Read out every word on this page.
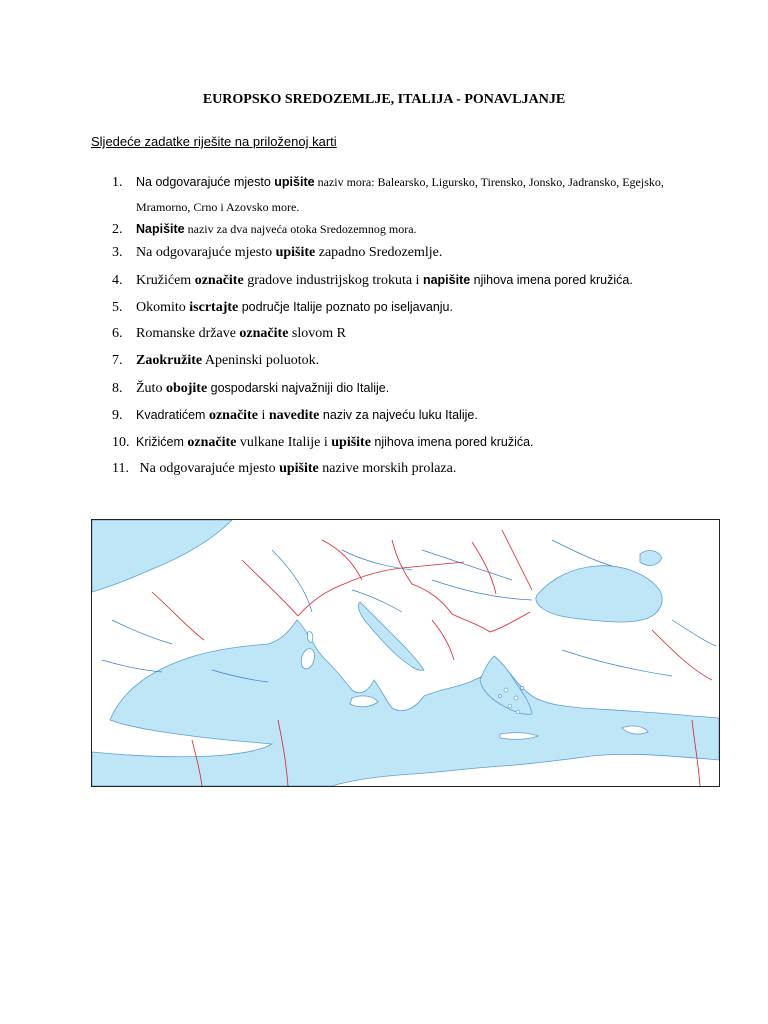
EUROPSKO SREDOZEMLJE, ITALIJA - PONAVLJANJE
Sljedeće zadatke riješite na priloženoj karti
1. Na odgovarajuće mjesto upišite naziv mora: Balearsko, Ligursko, Tirensko, Jonsko, Jadransko, Egejsko,
Mramorno, Crno i Azovsko more.
2. Napišite naziv za dva najveća otoka Sredozemnog mora.
3. Na odgovarajuće mjesto upišite zapadno Sredozemlje.
4. Kružićem označite gradove industrijskog trokuta i napišite njihova imena pored kružića.
5. Okomito iscrtajte područje Italije poznato po iseljavanju.
6. Romanske države označite slovom R
7. Zaokružite Apeninski poluotok.
8. Žuto obojite gospodarski najvažniji dio Italije.
9. Kvadratićem označite i navedite naziv za najveću luku Italije.
10. Križićem označite vulkane Italije i upišite njihova imena pored kružića.
11. Na odgovarajuće mjesto upišite nazive morskih prolaza.
